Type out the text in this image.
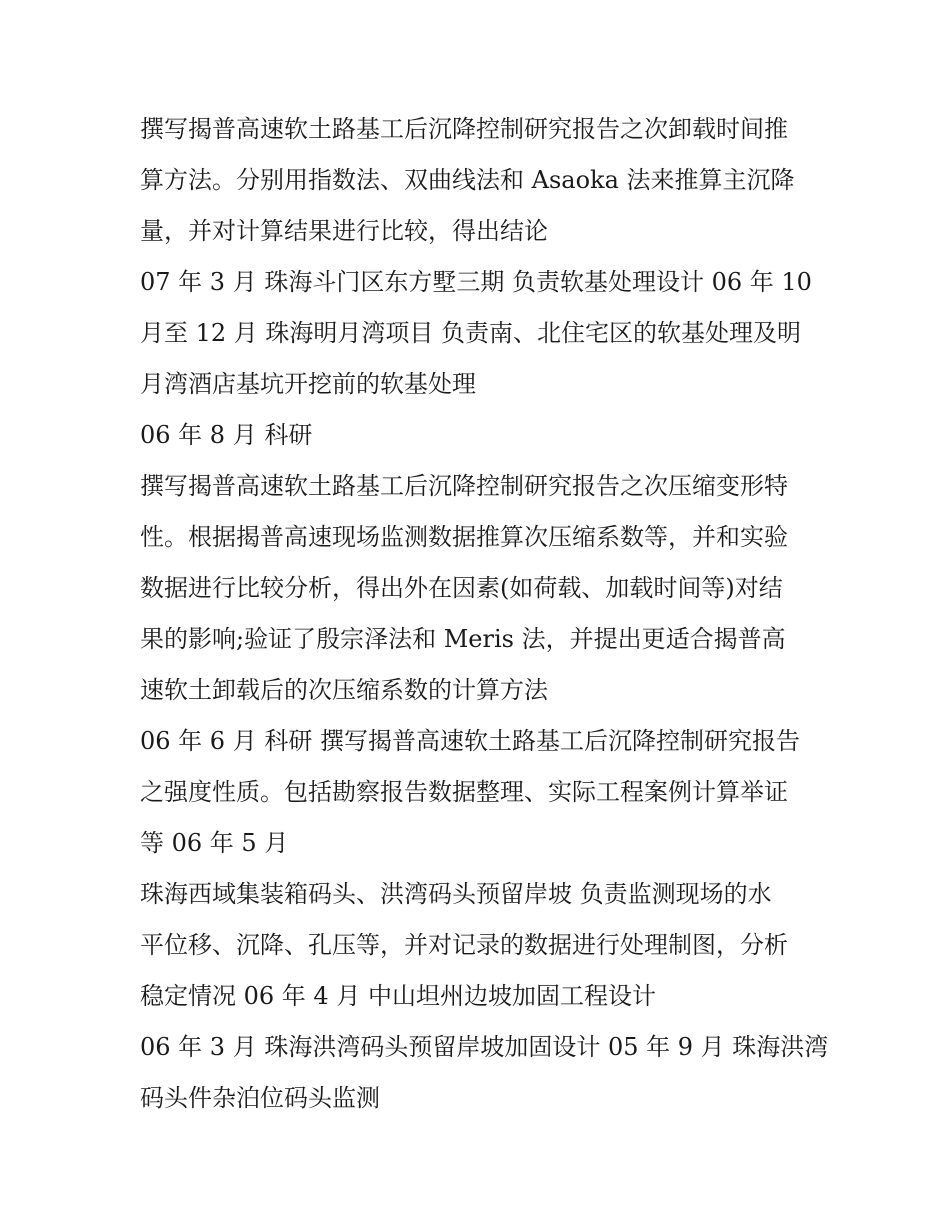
撰写揭普高速软土路基工后沉降控制研究报告之次卸载时间推
算方法。分别用指数法、双曲线法和 Asaoka 法来推算主沉降
量，并对计算结果进行比较，得出结论
07 年 3 月 珠海斗门区东方墅三期 负责软基处理设计 06 年 10
月至 12 月 珠海明月湾项目 负责南、北住宅区的软基处理及明
月湾酒店基坑开挖前的软基处理
06 年 8 月 科研
撰写揭普高速软土路基工后沉降控制研究报告之次压缩变形特
性。根据揭普高速现场监测数据推算次压缩系数等，并和实验
数据进行比较分析，得出外在因素(如荷载、加载时间等)对结
果的影响;验证了殷宗泽法和 Meris 法，并提出更适合揭普高
速软土卸载后的次压缩系数的计算方法
06 年 6 月 科研 撰写揭普高速软土路基工后沉降控制研究报告
之强度性质。包括勘察报告数据整理、实际工程案例计算举证
等 06 年 5 月
珠海西域集装箱码头、洪湾码头预留岸坡 负责监测现场的水
平位移、沉降、孔压等，并对记录的数据进行处理制图，分析
稳定情况 06 年 4 月 中山坦州边坡加固工程设计
06 年 3 月 珠海洪湾码头预留岸坡加固设计 05 年 9 月 珠海洪湾
码头件杂泊位码头监测
